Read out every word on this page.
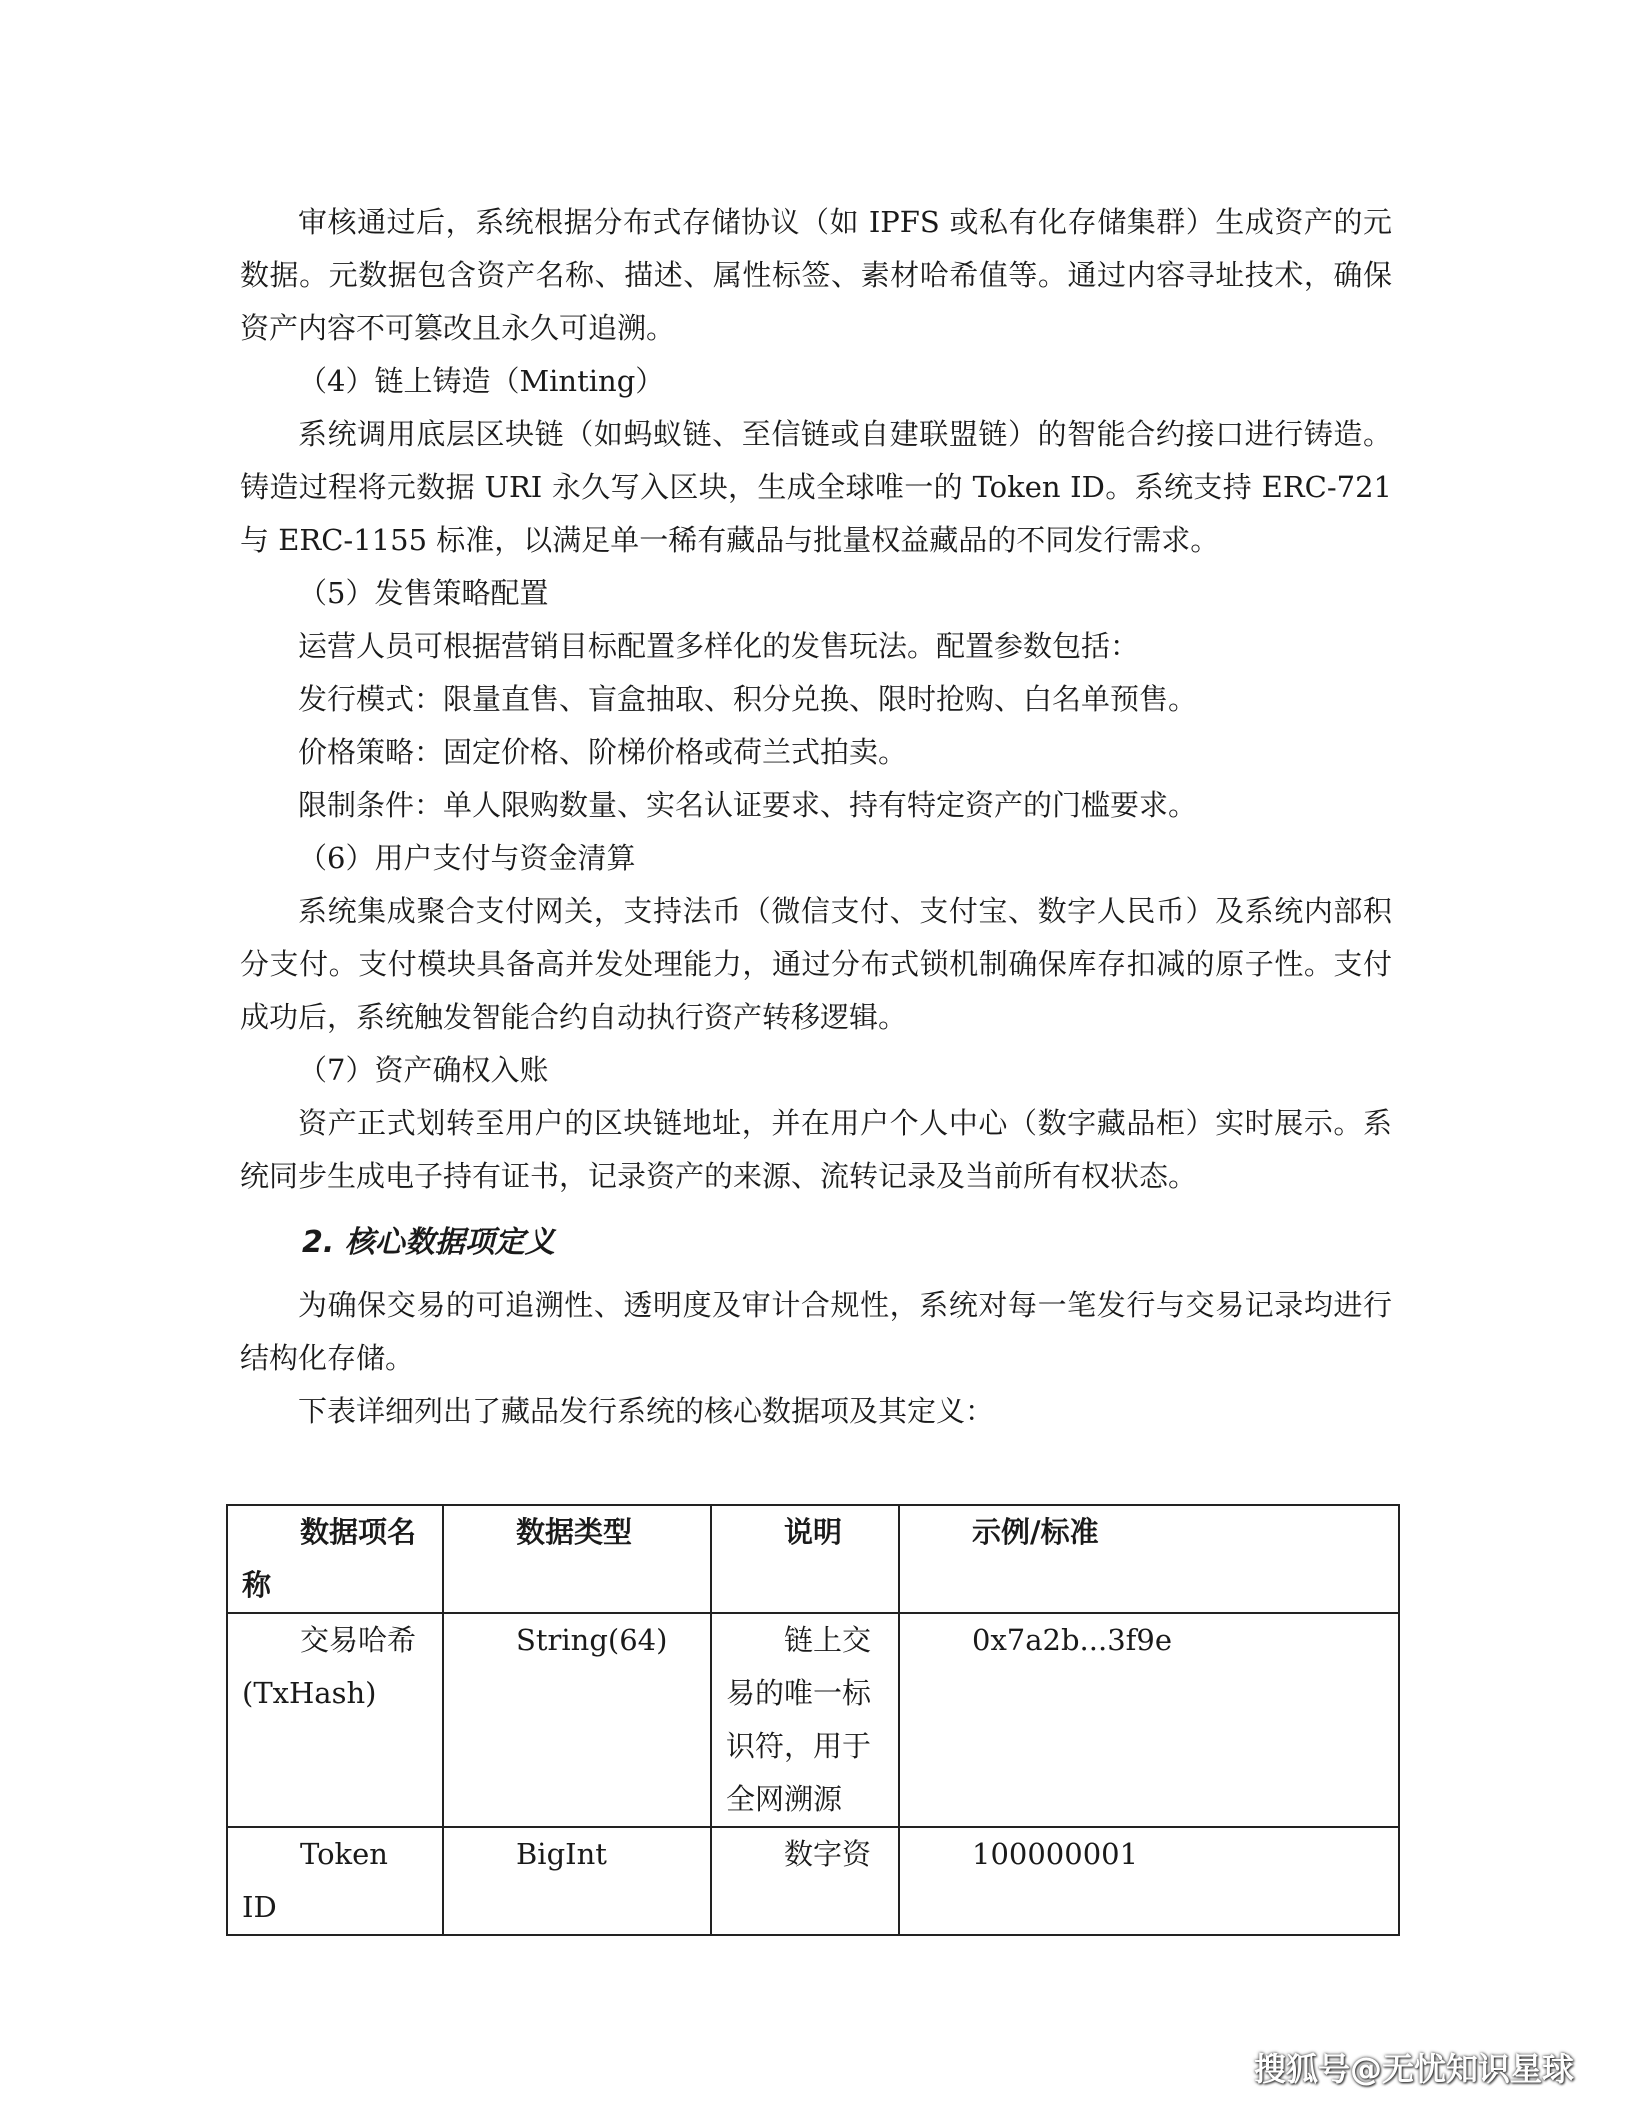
审核通过后，系统根据分布式存储协议（如 IPFS 或私有化存储集群）生成资产的元数据。元数据包含资产名称、描述、属性标签、素材哈希值等。通过内容寻址技术，确保资产内容不可篡改且永久可追溯。

（4）链上铸造（Minting）

系统调用底层区块链（如蚂蚁链、至信链或自建联盟链）的智能合约接口进行铸造。铸造过程将元数据 URI 永久写入区块，生成全球唯一的 Token ID。系统支持 ERC-721 与 ERC-1155 标准，以满足单一稀有藏品与批量权益藏品的不同发行需求。

（5）发售策略配置

运营人员可根据营销目标配置多样化的发售玩法。配置参数包括：

发行模式：限量直售、盲盒抽取、积分兑换、限时抢购、白名单预售。

价格策略：固定价格、阶梯价格或荷兰式拍卖。

限制条件：单人限购数量、实名认证要求、持有特定资产的门槛要求。

（6）用户支付与资金清算

系统集成聚合支付网关，支持法币（微信支付、支付宝、数字人民币）及系统内部积分支付。支付模块具备高并发处理能力，通过分布式锁机制确保库存扣减的原子性。支付成功后，系统触发智能合约自动执行资产转移逻辑。

（7）资产确权入账

资产正式划转至用户的区块链地址，并在用户个人中心（数字藏品柜）实时展示。系统同步生成电子持有证书，记录资产的来源、流转记录及当前所有权状态。

2. 核心数据项定义

为确保交易的可追溯性、透明度及审计合规性，系统对每一笔发行与交易记录均进行结构化存储。

下表详细列出了藏品发行系统的核心数据项及其定义：

数据项名称	数据类型	说明	示例/标准
交易哈希(TxHash)	String(64)	链上交易的唯一标识符，用于全网溯源	0x7a2b...3f9e
Token ID	BigInt	数字资	100000001
搜狐号@无忧知识星球
